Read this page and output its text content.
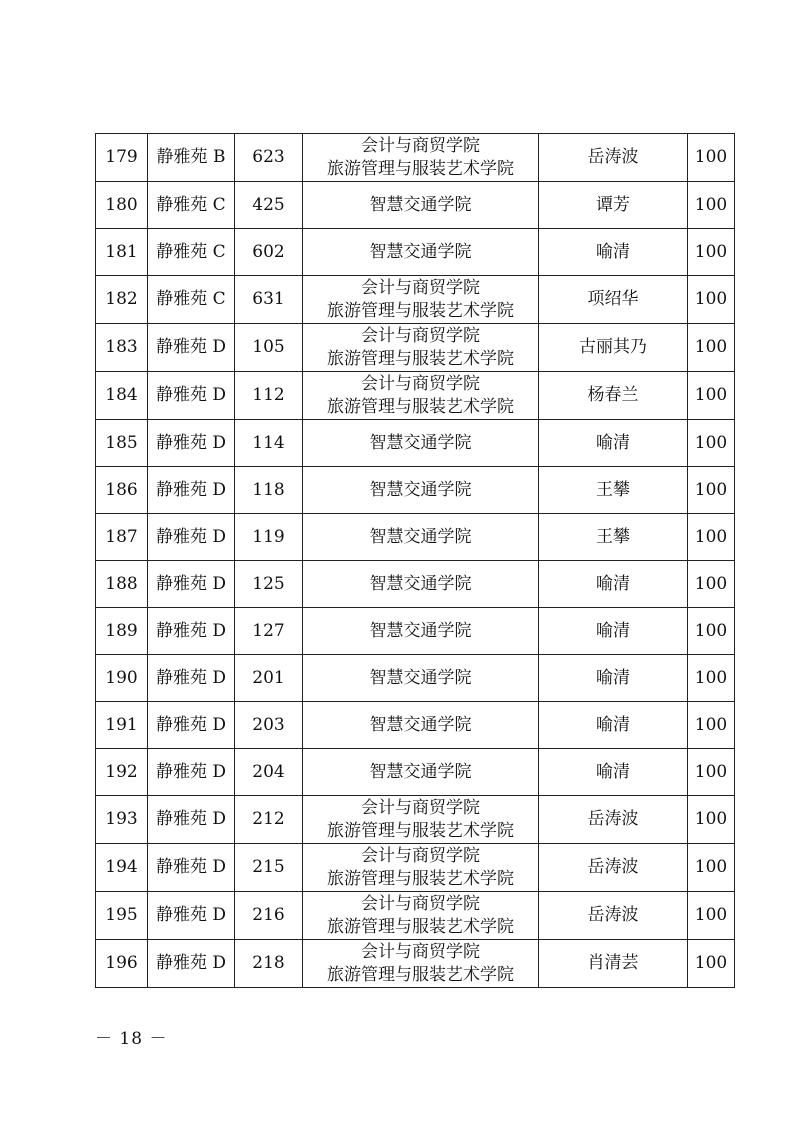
179	静雅苑 B	623	会计与商贸学院
旅游管理与服装艺术学院	岳涛波	100
180	静雅苑 C	425	智慧交通学院	谭芳	100
181	静雅苑 C	602	智慧交通学院	喻清	100
182	静雅苑 C	631	会计与商贸学院
旅游管理与服装艺术学院	项绍华	100
183	静雅苑 D	105	会计与商贸学院
旅游管理与服装艺术学院	古丽其乃	100
184	静雅苑 D	112	会计与商贸学院
旅游管理与服装艺术学院	杨春兰	100
185	静雅苑 D	114	智慧交通学院	喻清	100
186	静雅苑 D	118	智慧交通学院	王攀	100
187	静雅苑 D	119	智慧交通学院	王攀	100
188	静雅苑 D	125	智慧交通学院	喻清	100
189	静雅苑 D	127	智慧交通学院	喻清	100
190	静雅苑 D	201	智慧交通学院	喻清	100
191	静雅苑 D	203	智慧交通学院	喻清	100
192	静雅苑 D	204	智慧交通学院	喻清	100
193	静雅苑 D	212	会计与商贸学院
旅游管理与服装艺术学院	岳涛波	100
194	静雅苑 D	215	会计与商贸学院
旅游管理与服装艺术学院	岳涛波	100
195	静雅苑 D	216	会计与商贸学院
旅游管理与服装艺术学院	岳涛波	100
196	静雅苑 D	218	会计与商贸学院
旅游管理与服装艺术学院	肖清芸	100
－ 18 －
